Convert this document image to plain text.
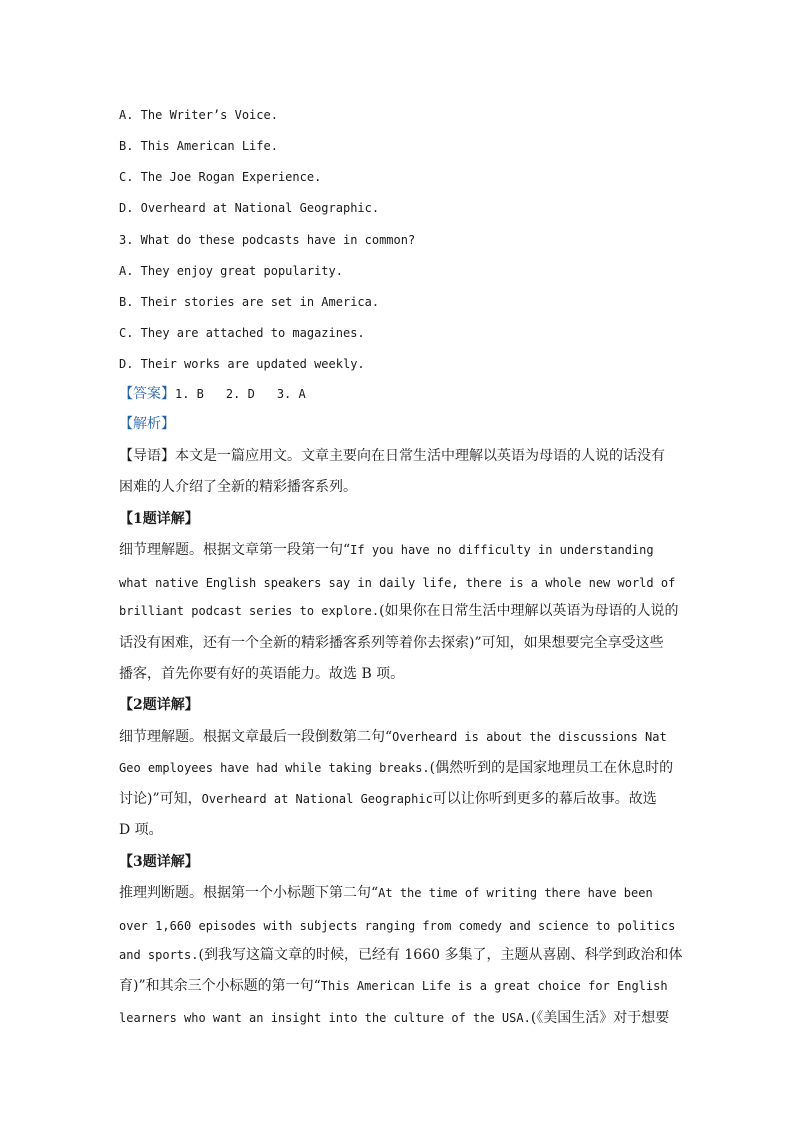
A. The Writer’s Voice.
B. This American Life.
C. The Joe Rogan Experience.
D. Overheard at National Geographic.
3. What do these podcasts have in common?
A. They enjoy great popularity.
B. Their stories are set in America.
C. They are attached to magazines.
D. Their works are updated weekly.
【答案】1. B 2. D 3. A
【解析】
【导语】本文是一篇应用文。文章主要向在日常生活中理解以英语为母语的人说的话没有
困难的人介绍了全新的精彩播客系列。
【1题详解】
细节理解题。根据文章第一段第一句“If you have no difficulty in understanding
what native English speakers say in daily life, there is a whole new world of
brilliant podcast series to explore.(如果你在日常生活中理解以英语为母语的人说的
话没有困难，还有一个全新的精彩播客系列等着你去探索)”可知，如果想要完全享受这些
播客，首先你要有好的英语能力。故选 B 项。
【2题详解】
细节理解题。根据文章最后一段倒数第二句“Overheard is about the discussions Nat
Geo employees have had while taking breaks.(偶然听到的是国家地理员工在休息时的
讨论)”可知，Overheard at National Geographic可以让你听到更多的幕后故事。故选
D 项。
【3题详解】
推理判断题。根据第一个小标题下第二句“At the time of writing there have been
over 1,660 episodes with subjects ranging from comedy and science to politics
and sports.(到我写这篇文章的时候，已经有 1660 多集了，主题从喜剧、科学到政治和体
育)”和其余三个小标题的第一句“This American Life is a great choice for English
learners who want an insight into the culture of the USA.(《美国生活》对于想要
